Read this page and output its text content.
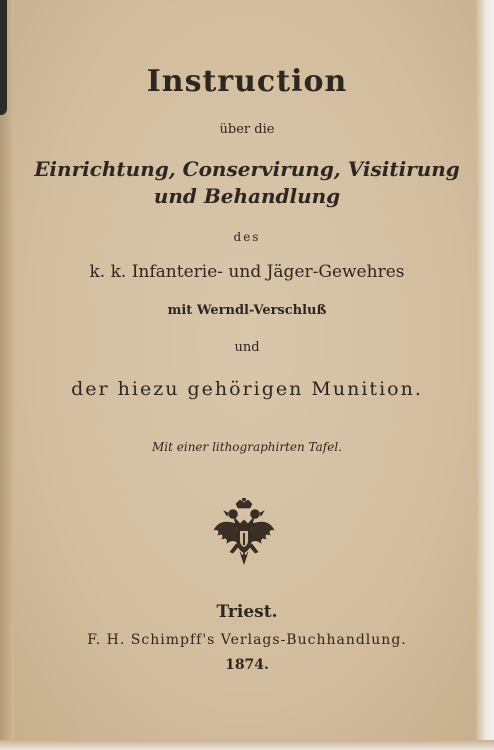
Instruction
über die
Einrichtung, Conservirung, Visitirung
und Behandlung
des
k. k. Infanterie- und Jäger-Gewehres
mit Werndl-Verschluß
und
der hiezu gehörigen Munition.
Mit einer lithographirten Tafel.
Triest.
F. H. Schimpff's Verlags-Buchhandlung.
1874.
